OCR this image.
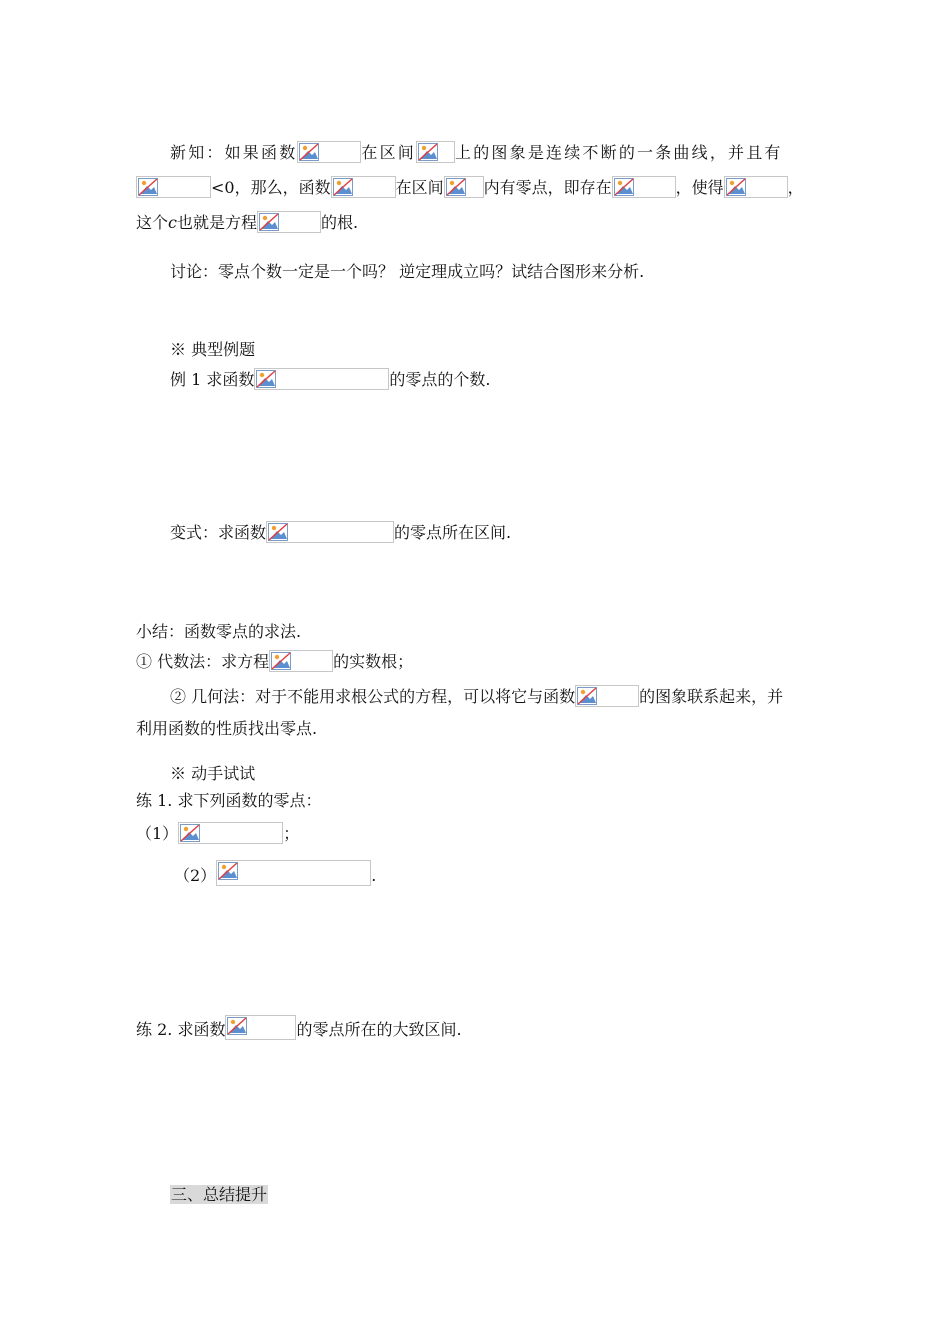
新知：如果函数	在区间 上的图象是连续不断的一条曲线，并且有
<0，那么，函数	在区间	内有零点，即存在	，使得	，
这个c也就是方程	的根.
讨论：零点个数一定是一个吗？ 逆定理成立吗？试结合图形来分析.
※ 典型例题
例 1 求函数	的零点的个数.
变式：求函数	的零点所在区间.
小结：函数零点的求法.
① 代数法：求方程	的实数根；
② 几何法：对于不能用求根公式的方程，可以将它与函数	的图象联系起来，并
利用函数的性质找出零点.
※ 动手试试
练 1. 求下列函数的零点：
（1）	；
（2）	.
练 2. 求函数	的零点所在的大致区间.
三、总结提升
